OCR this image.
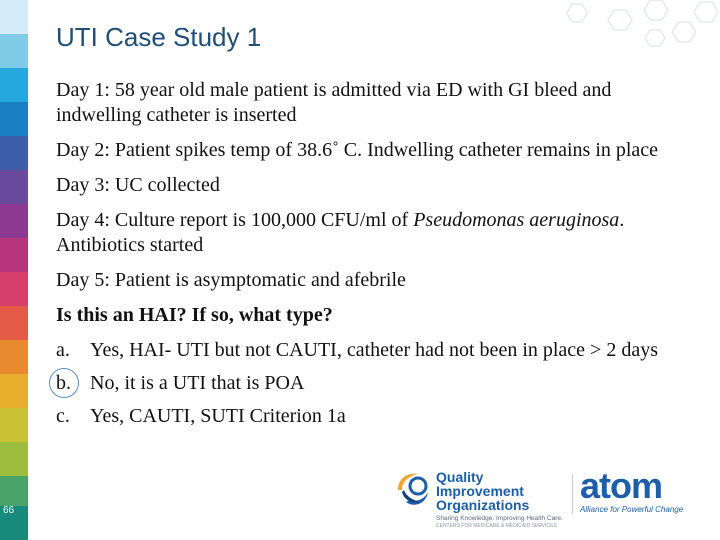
66
UTI Case Study 1
Day 1: 58 year old male patient is admitted via ED with GI bleed and indwelling catheter is inserted
Day 2: Patient spikes temp of 38.6˚ C. Indwelling catheter remains in place
Day 3: UC collected
Day 4: Culture report is 100,000 CFU/ml of Pseudomonas aeruginosa. Antibiotics started
Day 5: Patient is asymptomatic and afebrile
Is this an HAI? If so, what type?
a.	Yes, HAI- UTI but not CAUTI, catheter had not been in place > 2 days
b. No, it is a UTI that is POA
c.	Yes, CAUTI, SUTI Criterion 1a
Quality Improvement
Organizations
Sharing Knowledge. Improving Health Care.
CENTERS FOR MEDICARE & MEDICAID SERVICES
atom
Alliance for Powerful Change
